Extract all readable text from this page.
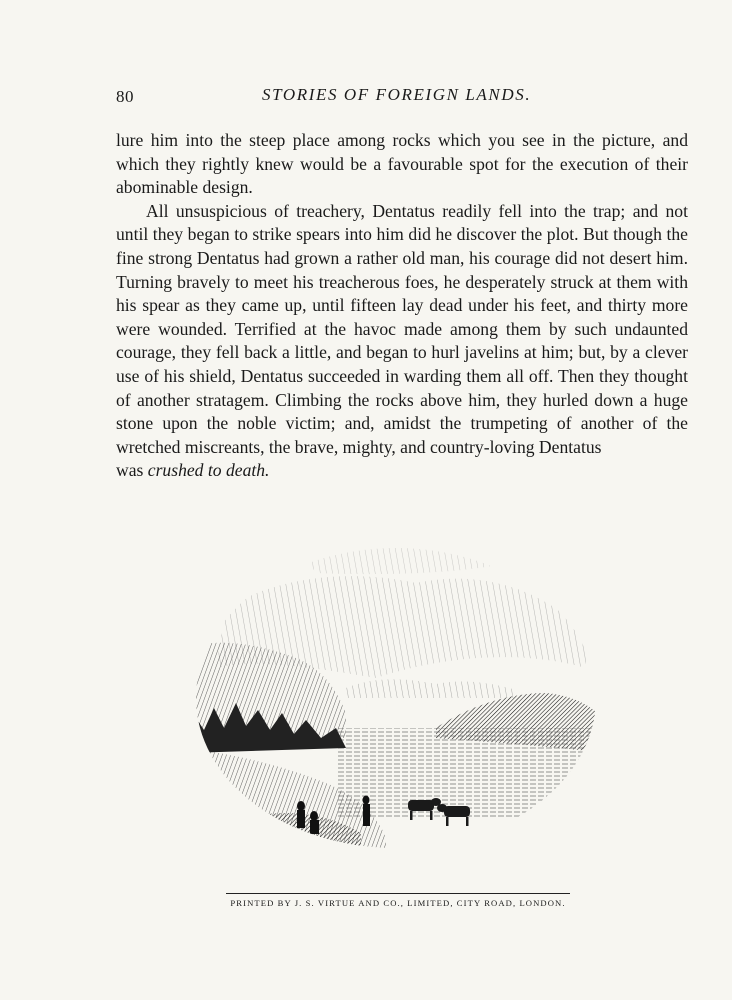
80	STORIES OF FOREIGN LANDS.

lure him into the steep place among rocks which you see in the picture, and which they rightly knew would be a favourable spot for the execution of their abominable design.

All unsuspicious of treachery, Dentatus readily fell into the trap; and not until they began to strike spears into him did he discover the plot. But though the fine strong Dentatus had grown a rather old man, his courage did not desert him. Turning bravely to meet his treacherous foes, he desperately struck at them with his spear as they came up, until fifteen lay dead under his feet, and thirty more were wounded. Terrified at the havoc made among them by such undaunted courage, they fell back a little, and began to hurl javelins at him; but, by a clever use of his shield, Dentatus succeeded in warding them all off. Then they thought of another stratagem. Climbing the rocks above him, they hurled down a huge stone upon the noble victim; and, amidst the trumpeting of another of the wretched miscreants, the brave, mighty, and country-loving Dentatus
was crushed to death.

PRINTED BY J. S. VIRTUE AND CO., LIMITED, CITY ROAD, LONDON.
